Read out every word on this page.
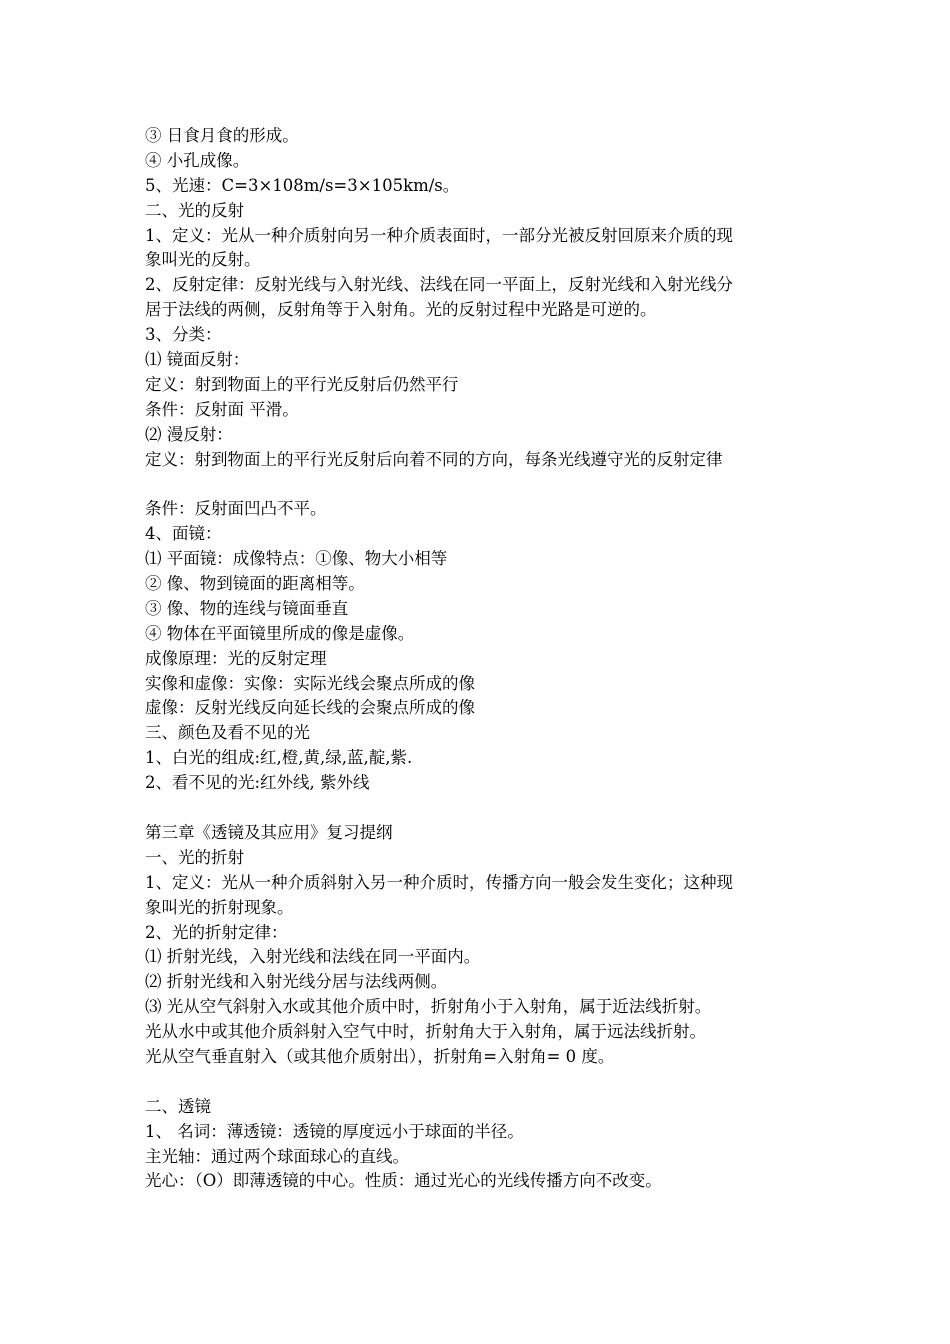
③ 日食月食的形成。
④ 小孔成像。
5、光速：C=3×108m/s=3×105km/s。
二、光的反射
1、定义：光从一种介质射向另一种介质表面时，一部分光被反射回原来介质的现
象叫光的反射。
2、反射定律：反射光线与入射光线、法线在同一平面上，反射光线和入射光线分
居于法线的两侧，反射角等于入射角。光的反射过程中光路是可逆的。
3、分类：
⑴ 镜面反射：
定义：射到物面上的平行光反射后仍然平行
条件：反射面 平滑。
⑵ 漫反射：
定义：射到物面上的平行光反射后向着不同的方向，每条光线遵守光的反射定律
条件：反射面凹凸不平。
4、面镜：
⑴ 平面镜：成像特点：①像、物大小相等
② 像、物到镜面的距离相等。
③ 像、物的连线与镜面垂直
④ 物体在平面镜里所成的像是虚像。
成像原理：光的反射定理
实像和虚像：实像：实际光线会聚点所成的像
虚像：反射光线反向延长线的会聚点所成的像
三、颜色及看不见的光
1、白光的组成:红,橙,黄,绿,蓝,靛,紫.
2、看不见的光:红外线, 紫外线
第三章《透镜及其应用》复习提纲
一、光的折射
1、定义：光从一种介质斜射入另一种介质时，传播方向一般会发生变化；这种现
象叫光的折射现象。
2、光的折射定律：
⑴ 折射光线，入射光线和法线在同一平面内。
⑵ 折射光线和入射光线分居与法线两侧。
⑶ 光从空气斜射入水或其他介质中时，折射角小于入射角，属于近法线折射。
光从水中或其他介质斜射入空气中时，折射角大于入射角，属于远法线折射。
光从空气垂直射入（或其他介质射出），折射角=入射角= 0 度。
二、透镜
1、 名词：薄透镜：透镜的厚度远小于球面的半径。
主光轴：通过两个球面球心的直线。
光心：（O）即薄透镜的中心。性质：通过光心的光线传播方向不改变。
